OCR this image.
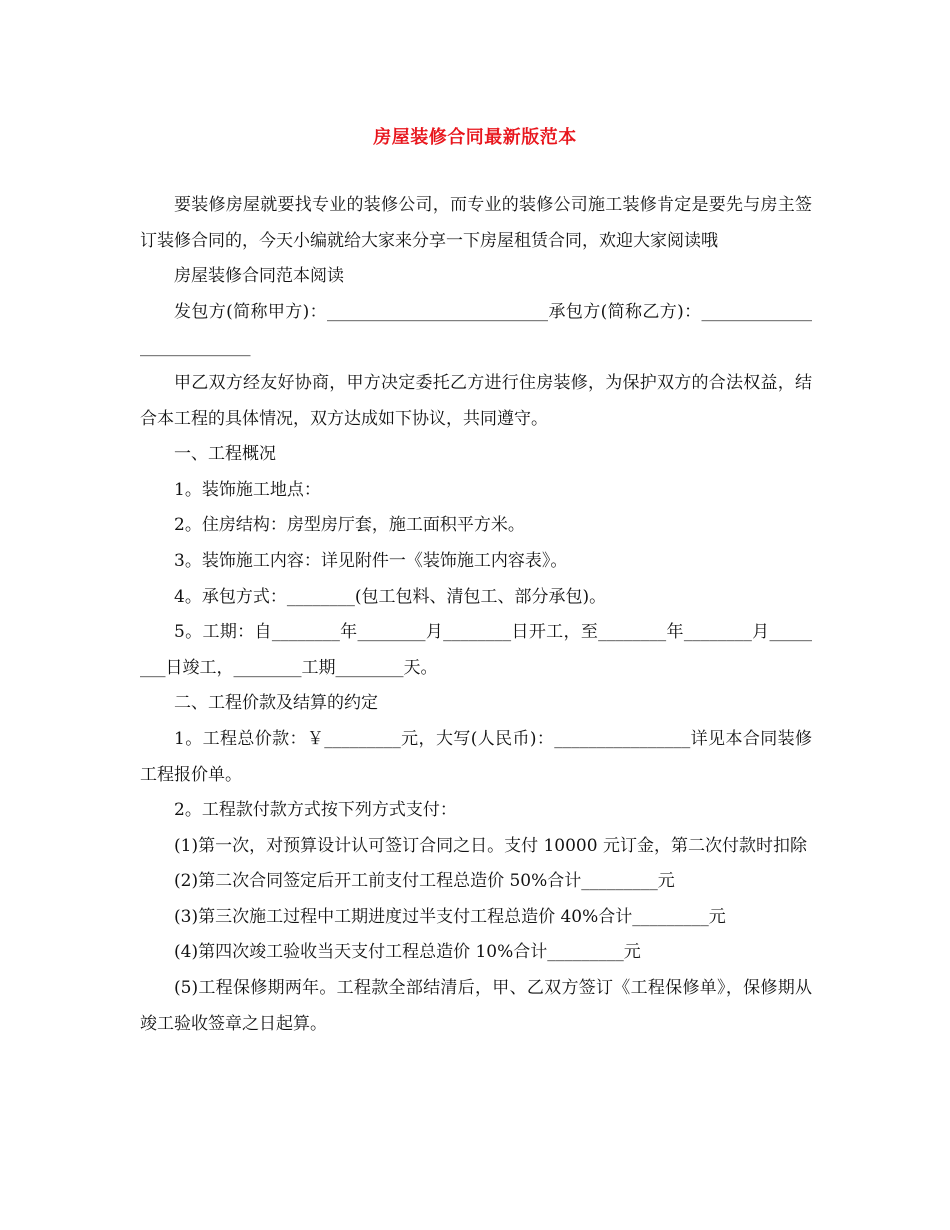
房屋装修合同最新版范本

要装修房屋就要找专业的装修公司，而专业的装修公司施工装修肯定是要先与房主签订装修合同的，今天小编就给大家来分享一下房屋租赁合同，欢迎大家阅读哦

房屋装修合同范本阅读

发包方(简称甲方)：__________________________承包方(简称乙方)：__________________________

甲乙双方经友好协商，甲方决定委托乙方进行住房装修，为保护双方的合法权益，结合本工程的具体情况，双方达成如下协议，共同遵守。

一、工程概况

1。装饰施工地点：

2。住房结构：房型房厅套，施工面积平方米。

3。装饰施工内容：详见附件一《装饰施工内容表》。

4。承包方式：________(包工包料、清包工、部分承包)。

5。工期：自________年________月________日开工，至________年________月________日竣工，________工期________天。

二、工程价款及结算的约定

1。工程总价款：￥_________元，大写(人民币)：________________详见本合同装修工程报价单。

2。工程款付款方式按下列方式支付：

(1)第一次，对预算设计认可签订合同之日。支付 10000 元订金，第二次付款时扣除

(2)第二次合同签定后开工前支付工程总造价 50%合计_________元

(3)第三次施工过程中工期进度过半支付工程总造价 40%合计_________元

(4)第四次竣工验收当天支付工程总造价 10%合计_________元

(5)工程保修期两年。工程款全部结清后，甲、乙双方签订《工程保修单》，保修期从竣工验收签章之日起算。
